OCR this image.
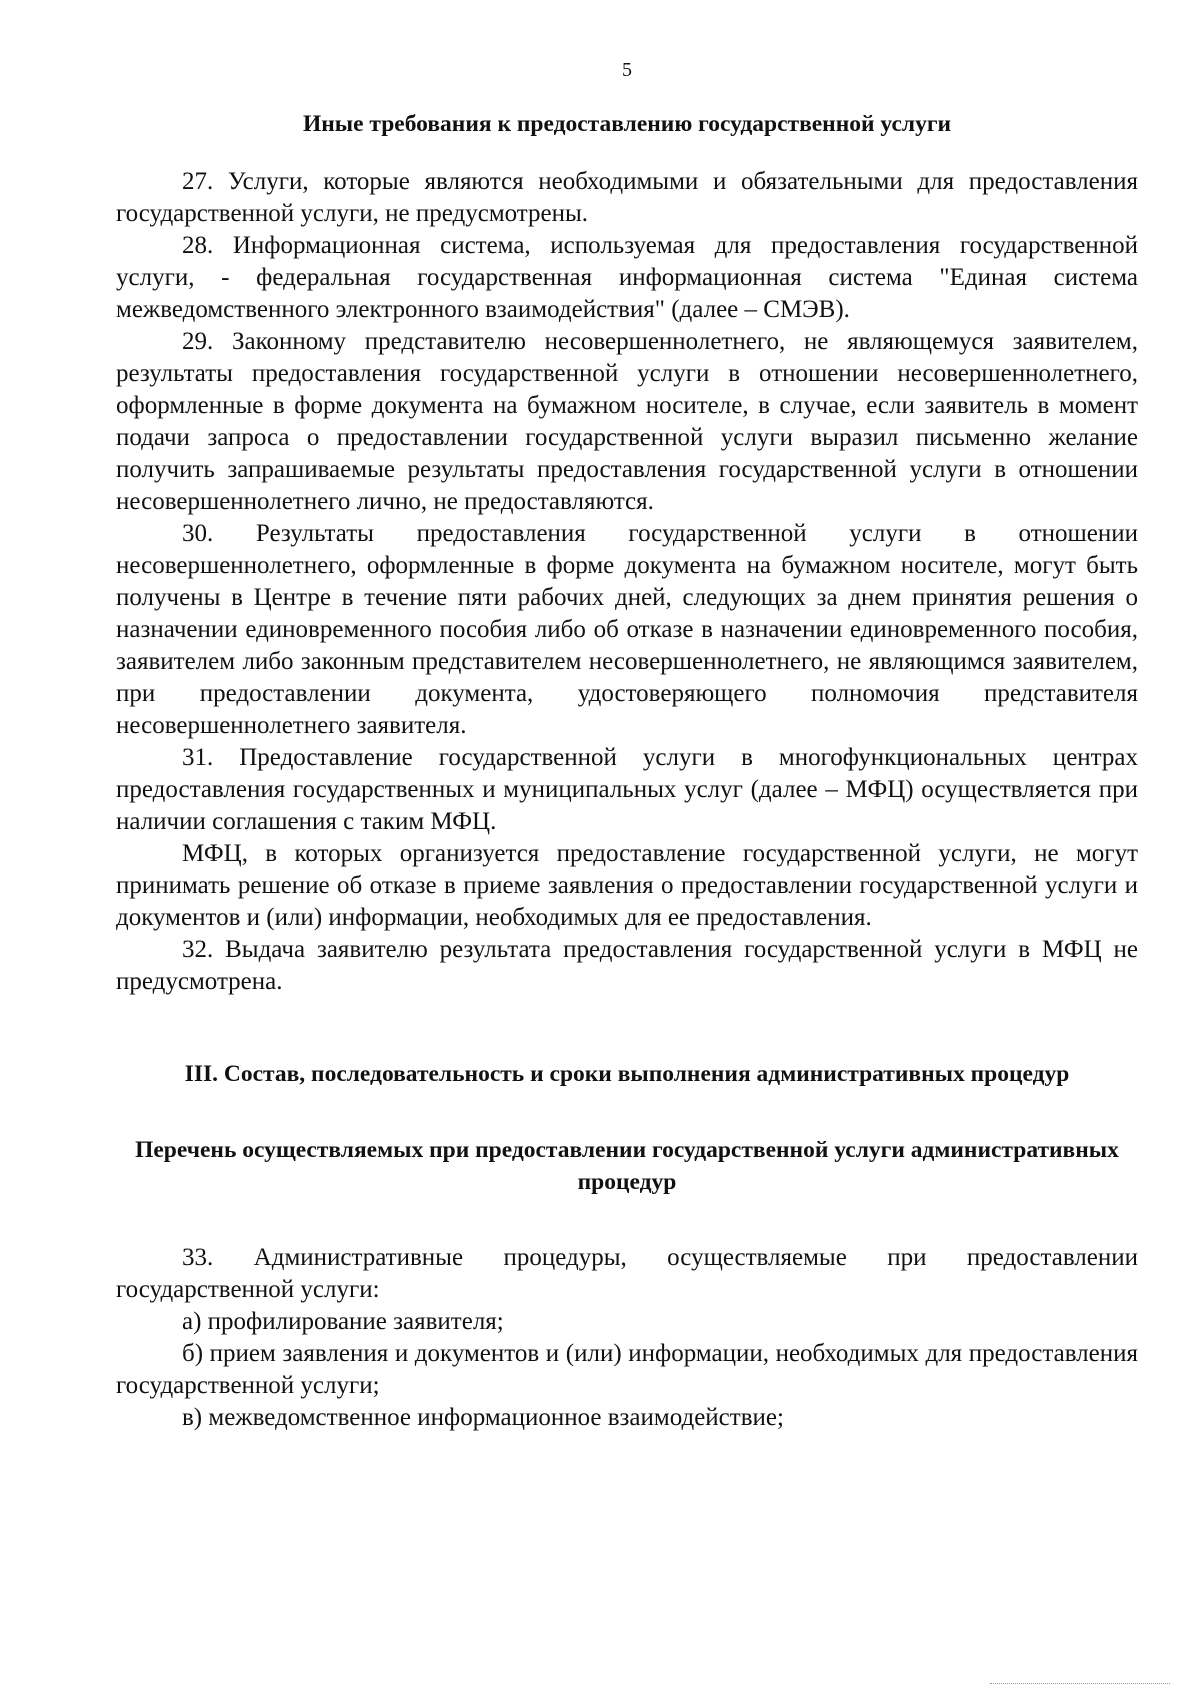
5
Иные требования к предоставлению государственной услуги

27. Услуги, которые являются необходимыми и обязательными для предоставления государственной услуги, не предусмотрены.

28. Информационная система, используемая для предоставления государственной услуги, - федеральная государственная информационная система "Единая система межведомственного электронного взаимодействия" (далее – СМЭВ).

29. Законному представителю несовершеннолетнего, не являющемуся заявителем, результаты предоставления государственной услуги в отношении несовершеннолетнего, оформленные в форме документа на бумажном носителе, в случае, если заявитель в момент подачи запроса о предоставлении государственной услуги выразил письменно желание получить запрашиваемые результаты предоставления государственной услуги в отношении несовершеннолетнего лично, не предоставляются.

30. Результаты предоставления государственной услуги в отношении несовершеннолетнего, оформленные в форме документа на бумажном носителе, могут быть получены в Центре в течение пяти рабочих дней, следующих за днем принятия решения о назначении единовременного пособия либо об отказе в назначении единовременного пособия, заявителем либо законным представителем несовершеннолетнего, не являющимся заявителем, при предоставлении документа, удостоверяющего полномочия представителя несовершеннолетнего заявителя.

31. Предоставление государственной услуги в многофункциональных центрах предоставления государственных и муниципальных услуг (далее – МФЦ) осуществляется при наличии соглашения с таким МФЦ.

МФЦ, в которых организуется предоставление государственной услуги, не могут принимать решение об отказе в приеме заявления о предоставлении государственной услуги и документов и (или) информации, необходимых для ее предоставления.

32. Выдача заявителю результата предоставления государственной услуги в МФЦ не предусмотрена.

III. Состав, последовательность и сроки выполнения административных процедур
Перечень осуществляемых при предоставлении государственной услуги административных процедур

33. Административные процедуры, осуществляемые при предоставлении государственной услуги:

а) профилирование заявителя;

б) прием заявления и документов и (или) информации, необходимых для предоставления государственной услуги;

в) межведомственное информационное взаимодействие;
